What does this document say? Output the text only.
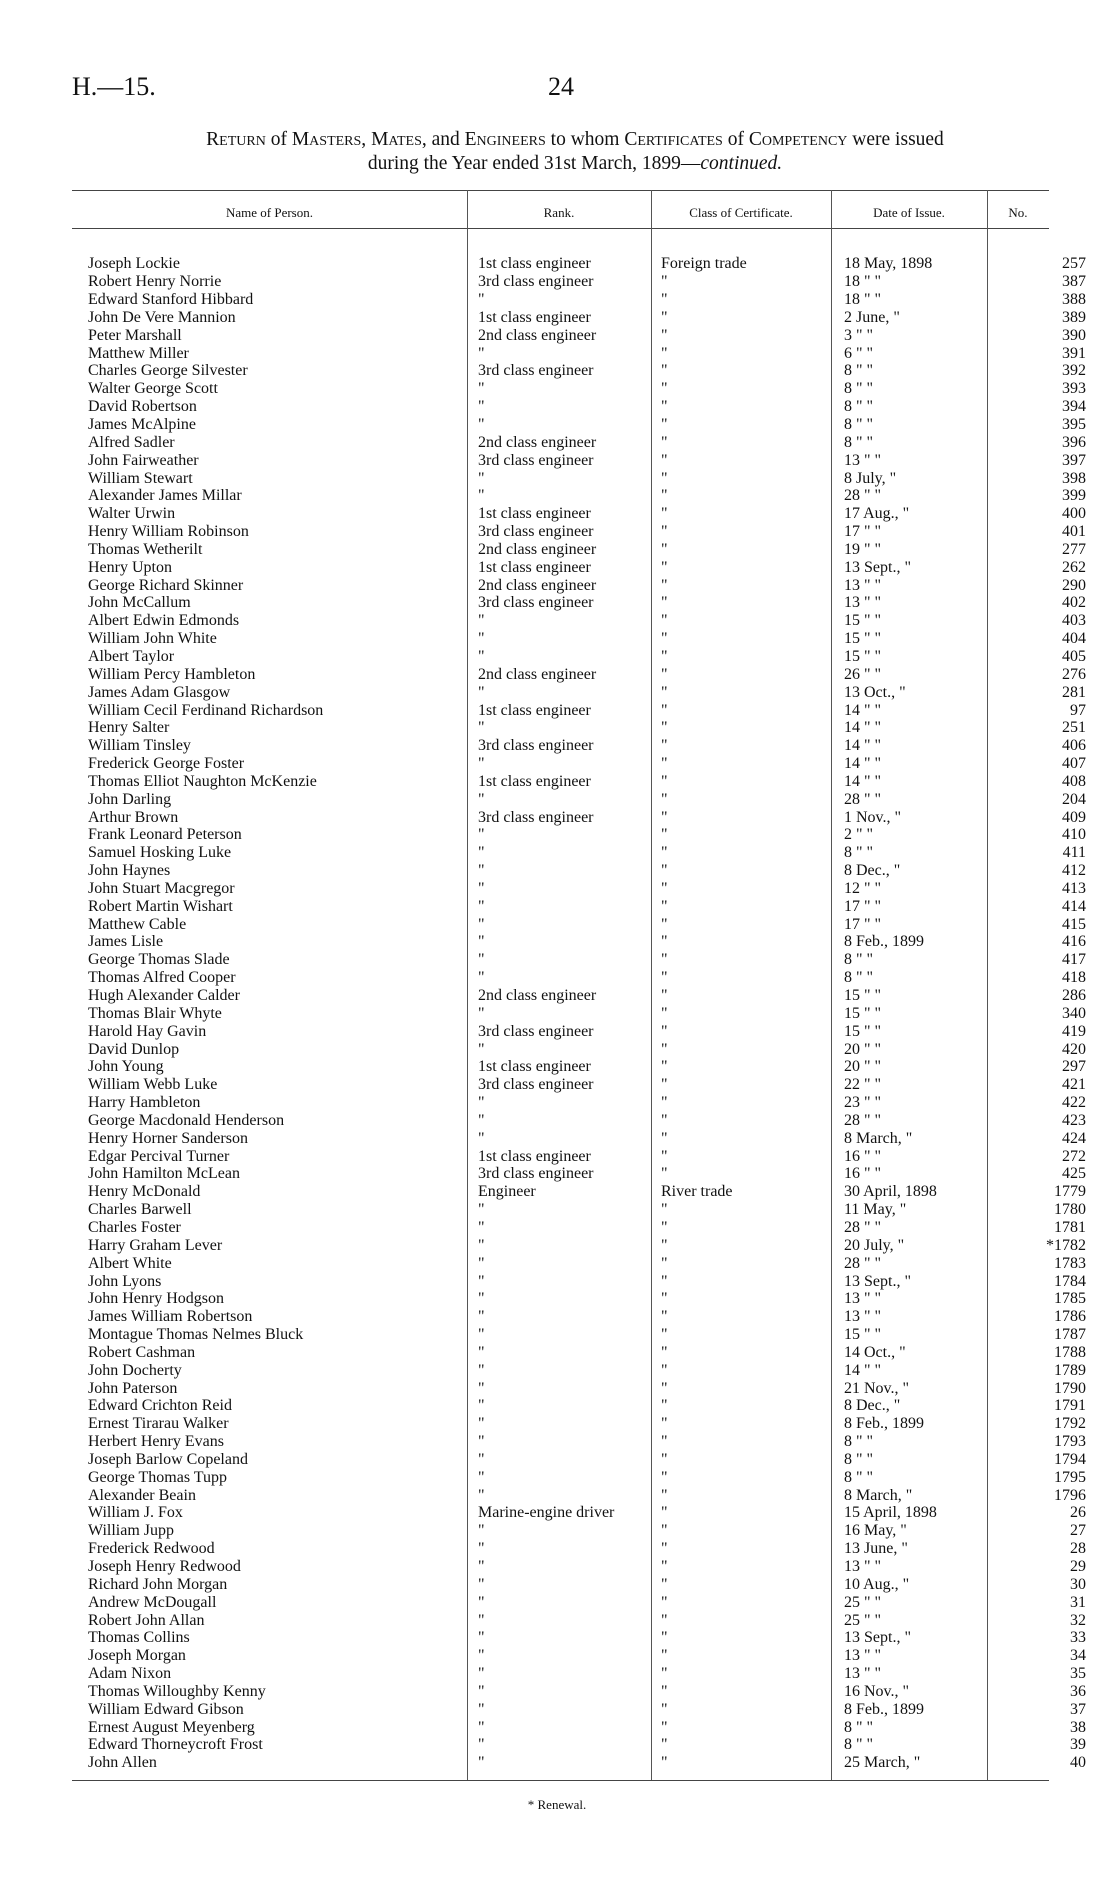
H.—15.	24
Return of Masters, Mates, and Engineers to whom Certificates of Competency were issued
during the Year ended 31st March, 1899—continued.
Name of Person.	Rank.	Class of Certificate.	Date of Issue.	No.
Joseph Lockie	1st class engineer	Foreign trade	18 May, 1898	257
Robert Henry Norrie	3rd class engineer	"	18 " "	387
Edward Stanford Hibbard	"	"	18 " "	388
John De Vere Mannion	1st class engineer	"	2 June, "	389
Peter Marshall	2nd class engineer	"	3 " "	390
Matthew Miller	"	"	6 " "	391
Charles George Silvester	3rd class engineer	"	8 " "	392
Walter George Scott	"	"	8 " "	393
David Robertson	"	"	8 " "	394
James McAlpine	"	"	8 " "	395
Alfred Sadler	2nd class engineer	"	8 " "	396
John Fairweather	3rd class engineer	"	13 " "	397
William Stewart	"	"	8 July, "	398
Alexander James Millar	"	"	28 " "	399
Walter Urwin	1st class engineer	"	17 Aug., "	400
Henry William Robinson	3rd class engineer	"	17 " "	401
Thomas Wetherilt	2nd class engineer	"	19 " "	277
Henry Upton	1st class engineer	"	13 Sept., "	262
George Richard Skinner	2nd class engineer	"	13 " "	290
John McCallum	3rd class engineer	"	13 " "	402
Albert Edwin Edmonds	"	"	15 " "	403
William John White	"	"	15 " "	404
Albert Taylor	"	"	15 " "	405
William Percy Hambleton	2nd class engineer	"	26 " "	276
James Adam Glasgow	"	"	13 Oct., "	281
William Cecil Ferdinand Richardson	1st class engineer	"	14 " "	97
Henry Salter	"	"	14 " "	251
William Tinsley	3rd class engineer	"	14 " "	406
Frederick George Foster	"	"	14 " "	407
Thomas Elliot Naughton McKenzie	1st class engineer	"	14 " "	408
John Darling	"	"	28 " "	204
Arthur Brown	3rd class engineer	"	1 Nov., "	409
Frank Leonard Peterson	"	"	2 " "	410
Samuel Hosking Luke	"	"	8 " "	411
John Haynes	"	"	8 Dec., "	412
John Stuart Macgregor	"	"	12 " "	413
Robert Martin Wishart	"	"	17 " "	414
Matthew Cable	"	"	17 " "	415
James Lisle	"	"	8 Feb., 1899	416
George Thomas Slade	"	"	8 " "	417
Thomas Alfred Cooper	"	"	8 " "	418
Hugh Alexander Calder	2nd class engineer	"	15 " "	286
Thomas Blair Whyte	"	"	15 " "	340
Harold Hay Gavin	3rd class engineer	"	15 " "	419
David Dunlop	"	"	20 " "	420
John Young	1st class engineer	"	20 " "	297
William Webb Luke	3rd class engineer	"	22 " "	421
Harry Hambleton	"	"	23 " "	422
George Macdonald Henderson	"	"	28 " "	423
Henry Horner Sanderson	"	"	8 March, "	424
Edgar Percival Turner	1st class engineer	"	16 " "	272
John Hamilton McLean	3rd class engineer	"	16 " "	425
Henry McDonald	Engineer	River trade	30 April, 1898	1779
Charles Barwell	"	"	11 May, "	1780
Charles Foster	"	"	28 " "	1781
Harry Graham Lever	"	"	20 July, "	*1782
Albert White	"	"	28 " "	1783
John Lyons	"	"	13 Sept., "	1784
John Henry Hodgson	"	"	13 " "	1785
James William Robertson	"	"	13 " "	1786
Montague Thomas Nelmes Bluck	"	"	15 " "	1787
Robert Cashman	"	"	14 Oct., "	1788
John Docherty	"	"	14 " "	1789
John Paterson	"	"	21 Nov., "	1790
Edward Crichton Reid	"	"	8 Dec., "	1791
Ernest Tirarau Walker	"	"	8 Feb., 1899	1792
Herbert Henry Evans	"	"	8 " "	1793
Joseph Barlow Copeland	"	"	8 " "	1794
George Thomas Tupp	"	"	8 " "	1795
Alexander Beain	"	"	8 March, "	1796
William J. Fox	Marine-engine driver	"	15 April, 1898	26
William Jupp	"	"	16 May, "	27
Frederick Redwood	"	"	13 June, "	28
Joseph Henry Redwood	"	"	13 " "	29
Richard John Morgan	"	"	10 Aug., "	30
Andrew McDougall	"	"	25 " "	31
Robert John Allan	"	"	25 " "	32
Thomas Collins	"	"	13 Sept., "	33
Joseph Morgan	"	"	13 " "	34
Adam Nixon	"	"	13 " "	35
Thomas Willoughby Kenny	"	"	16 Nov., "	36
William Edward Gibson	"	"	8 Feb., 1899	37
Ernest August Meyenberg	"	"	8 " "	38
Edward Thorneycroft Frost	"	"	8 " "	39
John Allen	"	"	25 March, "	40
* Renewal.
